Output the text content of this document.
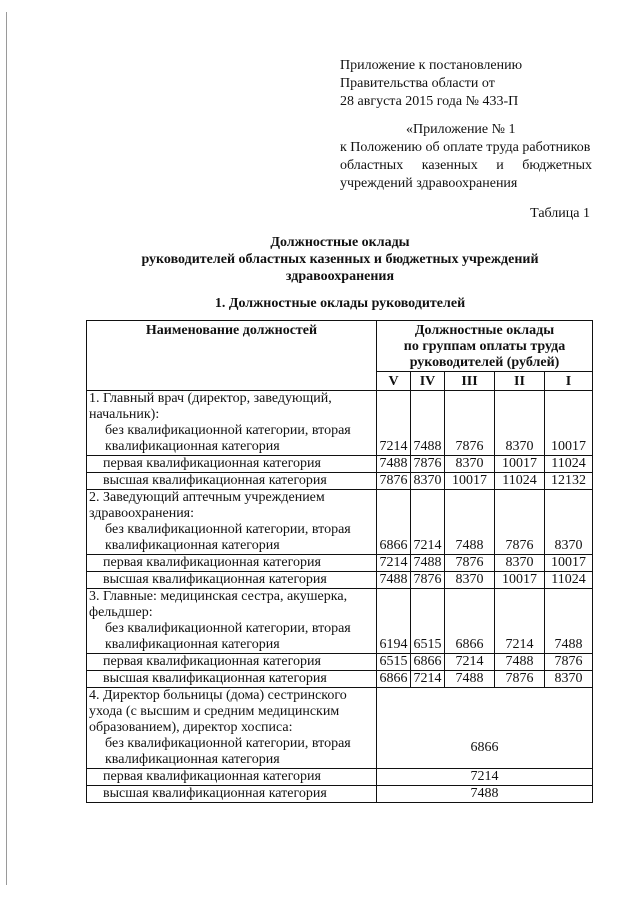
Приложение к постановлению
Правительства области от
28 августа 2015 года № 433-П
«Приложение № 1
к Положению об оплате труда работников
областных казенных и бюджетных
учреждений здравоохранения
Таблица 1
Должностные оклады
руководителей областных казенных и бюджетных учреждений
здравоохранения
1. Должностные оклады руководителей
Наименование должностей	Должностные оклады
по группам оплаты труда
руководителей (рублей)				

	V	IV	III	II	I

1. Главный врач (директор, заведующий, начальник):
без квалификационной категории, вторая квалификационная категория	7214	7488	7876	8370	10017
первая квалификационная категория	7488	7876	8370	10017	11024
высшая квалификационная категория	7876	8370	10017	11024	12132

2. Заведующий аптечным учреждением здравоохранения:
без квалификационной категории, вторая квалификационная категория	6866	7214	7488	7876	8370
первая квалификационная категория	7214	7488	7876	8370	10017
высшая квалификационная категория	7488	7876	8370	10017	11024

3. Главные: медицинская сестра, акушерка, фельдшер:
без квалификационной категории, вторая квалификационная категория	6194	6515	6866	7214	7488
первая квалификационная категория	6515	6866	7214	7488	7876
высшая квалификационная категория	6866	7214	7488	7876	8370

4. Директор больницы (дома) сестринского ухода (с высшим и средним медицинским образованием), директор хосписа:
без квалификационной категории, вторая квалификационная категория	6866				
первая квалификационная категория	7214				
высшая квалификационная категория	7488				
